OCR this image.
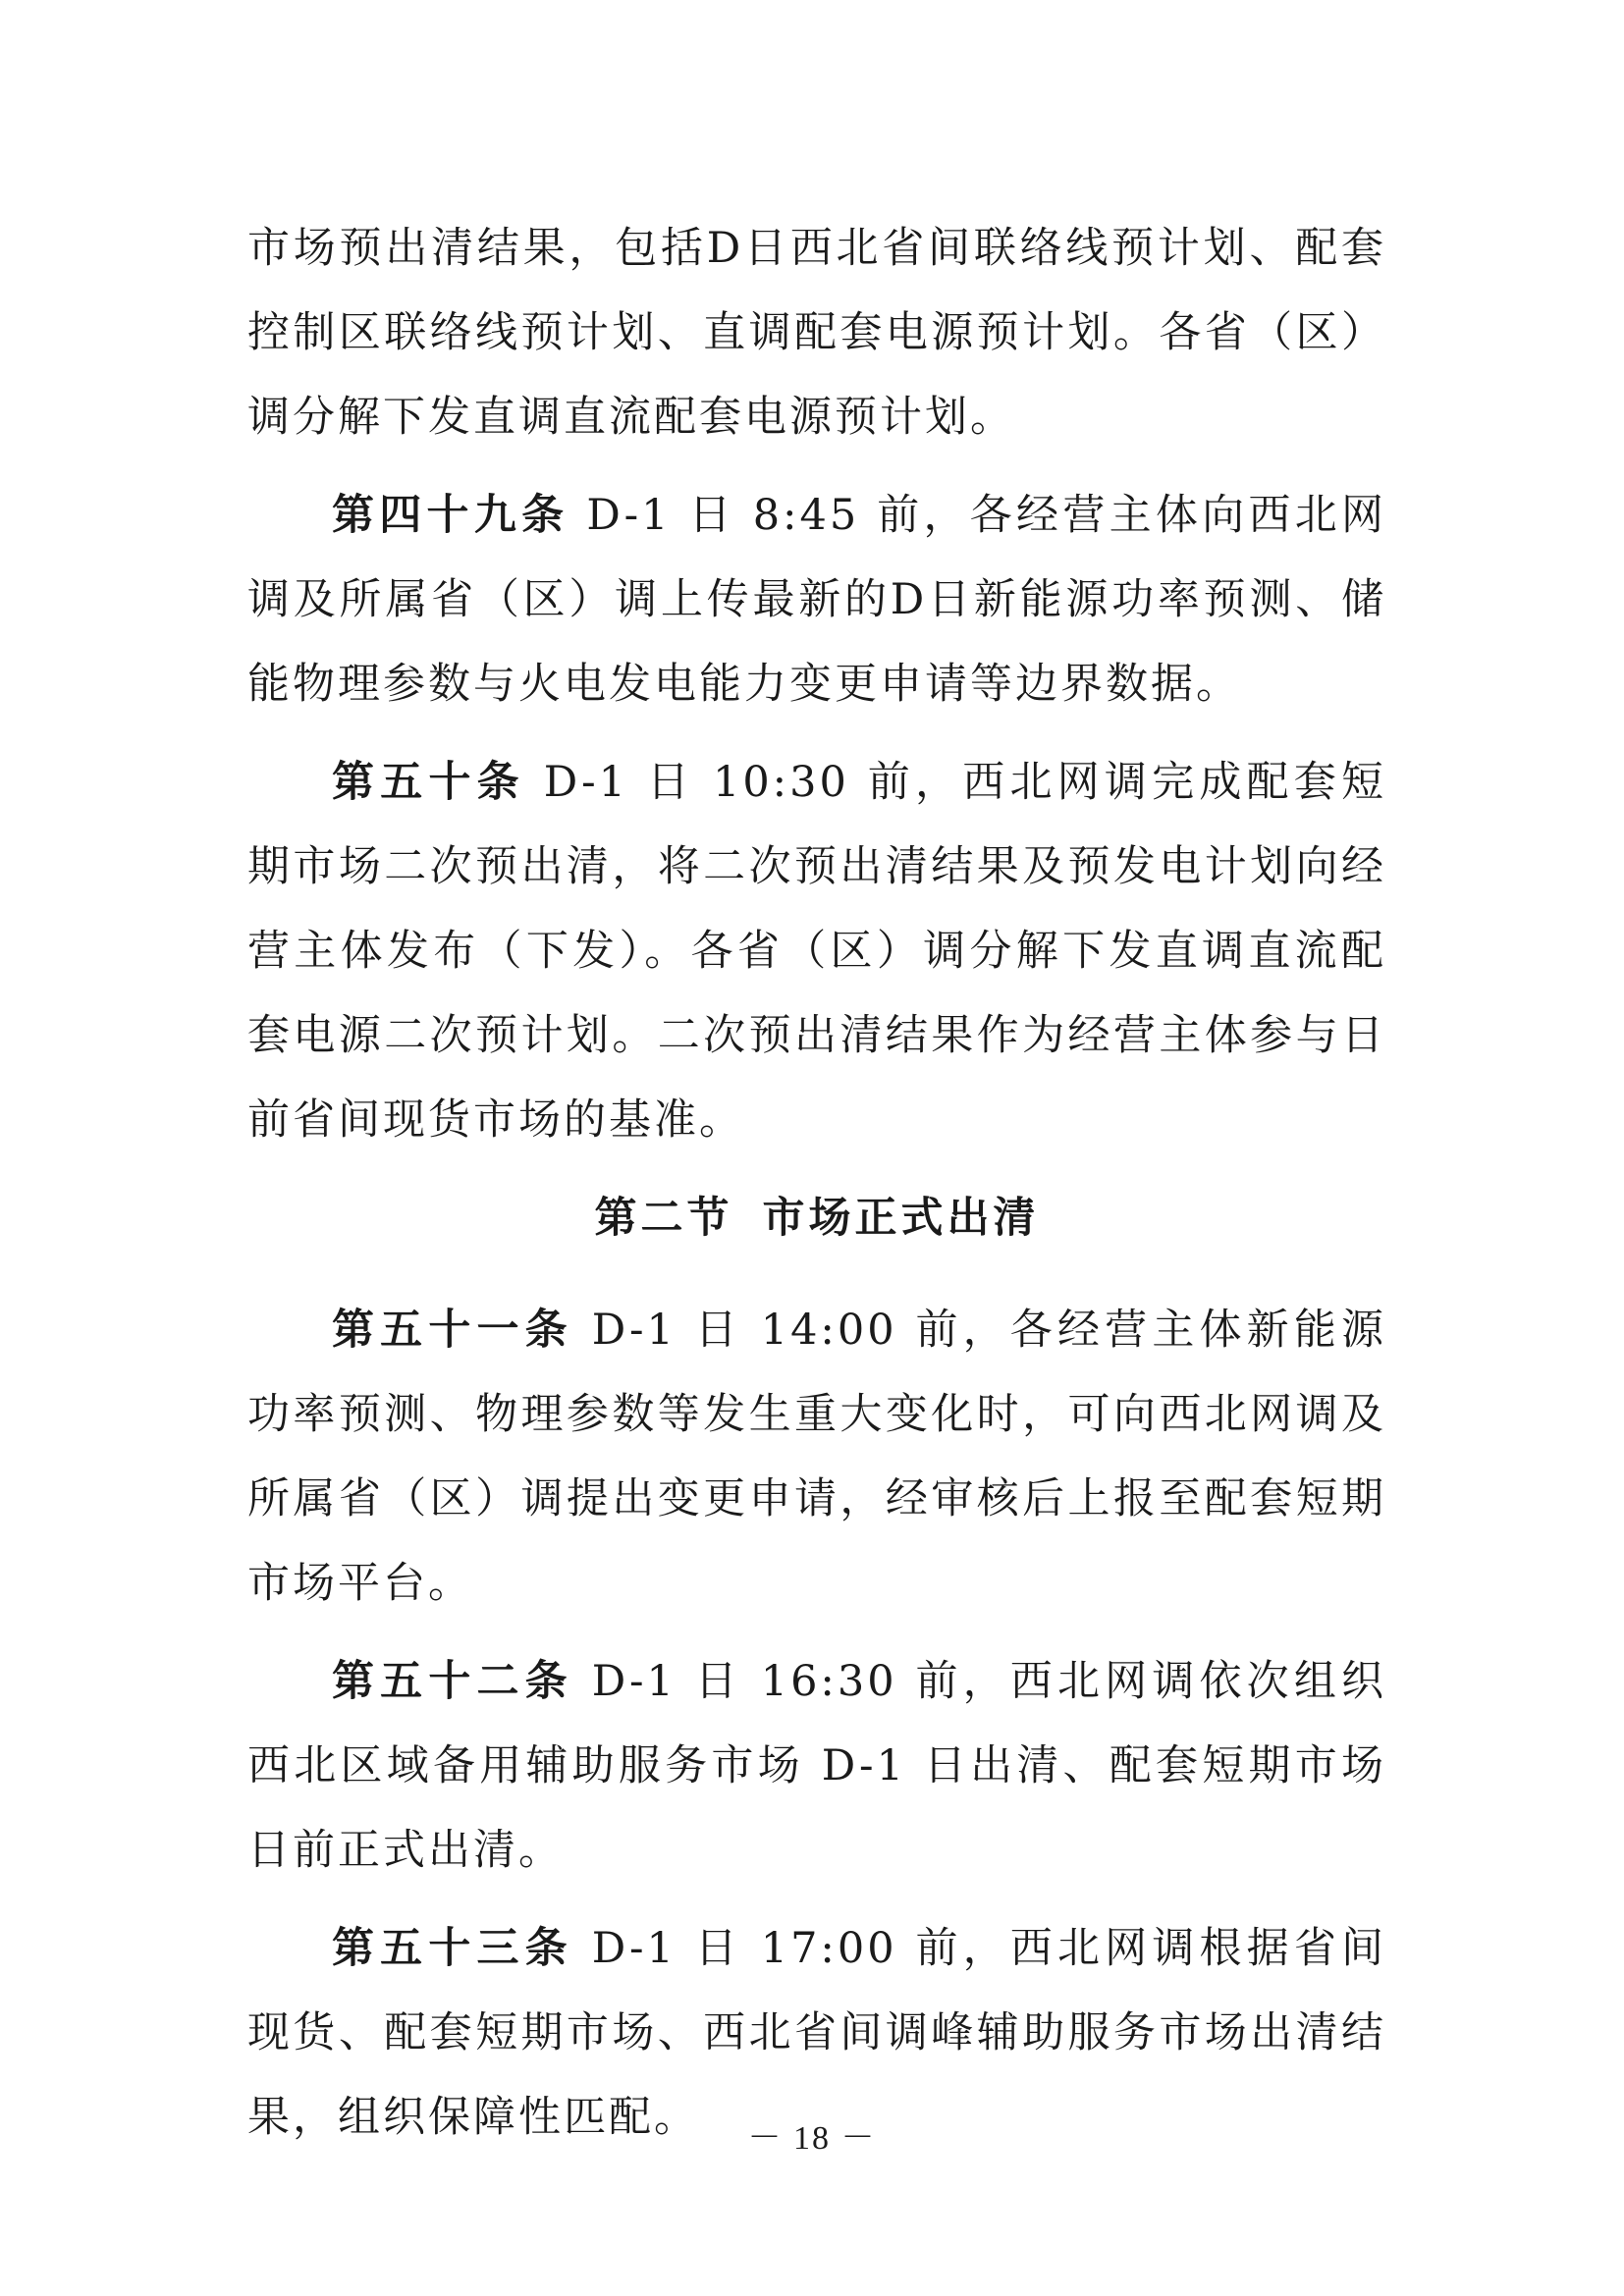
市场预出清结果，包括D日西北省间联络线预计划、配套控制区联络线预计划、直调配套电源预计划。各省（区）调分解下发直调直流配套电源预计划。

第四十九条 D-1 日 8:45 前，各经营主体向西北网调及所属省（区）调上传最新的D日新能源功率预测、储能物理参数与火电发电能力变更申请等边界数据。

第五十条 D-1 日 10:30 前，西北网调完成配套短期市场二次预出清，将二次预出清结果及预发电计划向经营主体发布（下发）。各省（区）调分解下发直调直流配套电源二次预计划。二次预出清结果作为经营主体参与日前省间现货市场的基准。

第二节 市场正式出清

第五十一条 D-1 日 14:00 前，各经营主体新能源功率预测、物理参数等发生重大变化时，可向西北网调及所属省（区）调提出变更申请，经审核后上报至配套短期市场平台。

第五十二条 D-1 日 16:30 前，西北网调依次组织西北区域备用辅助服务市场 D-1 日出清、配套短期市场日前正式出清。

第五十三条 D-1 日 17:00 前，西北网调根据省间现货、配套短期市场、西北省间调峰辅助服务市场出清结果，组织保障性匹配。	－ 18 －
